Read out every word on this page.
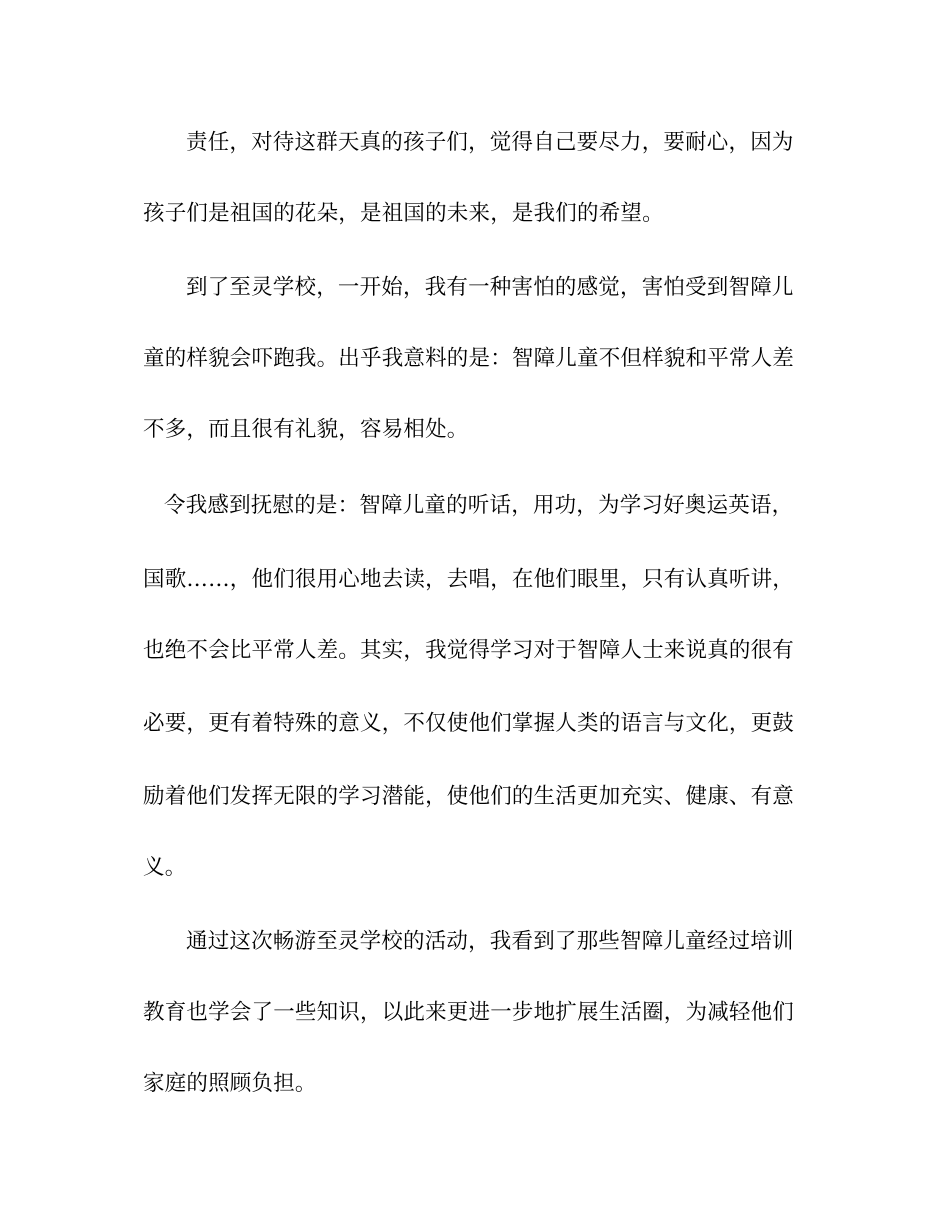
责任，对待这群天真的孩子们，觉得自己要尽力，要耐心，因为
孩子们是祖国的花朵，是祖国的未来，是我们的希望。
到了至灵学校，一开始，我有一种害怕的感觉，害怕受到智障儿
童的样貌会吓跑我。出乎我意料的是：智障儿童不但样貌和平常人差
不多，而且很有礼貌，容易相处。
令我感到抚慰的是：智障儿童的听话，用功，为学习好奥运英语，
国歌……，他们很用心地去读，去唱，在他们眼里，只有认真听讲，
也绝不会比平常人差。其实，我觉得学习对于智障人士来说真的很有
必要，更有着特殊的意义，不仅使他们掌握人类的语言与文化，更鼓
励着他们发挥无限的学习潜能，使他们的生活更加充实、健康、有意
义。
通过这次畅游至灵学校的活动，我看到了那些智障儿童经过培训
教育也学会了一些知识，以此来更进一步地扩展生活圈，为减轻他们
家庭的照顾负担。
